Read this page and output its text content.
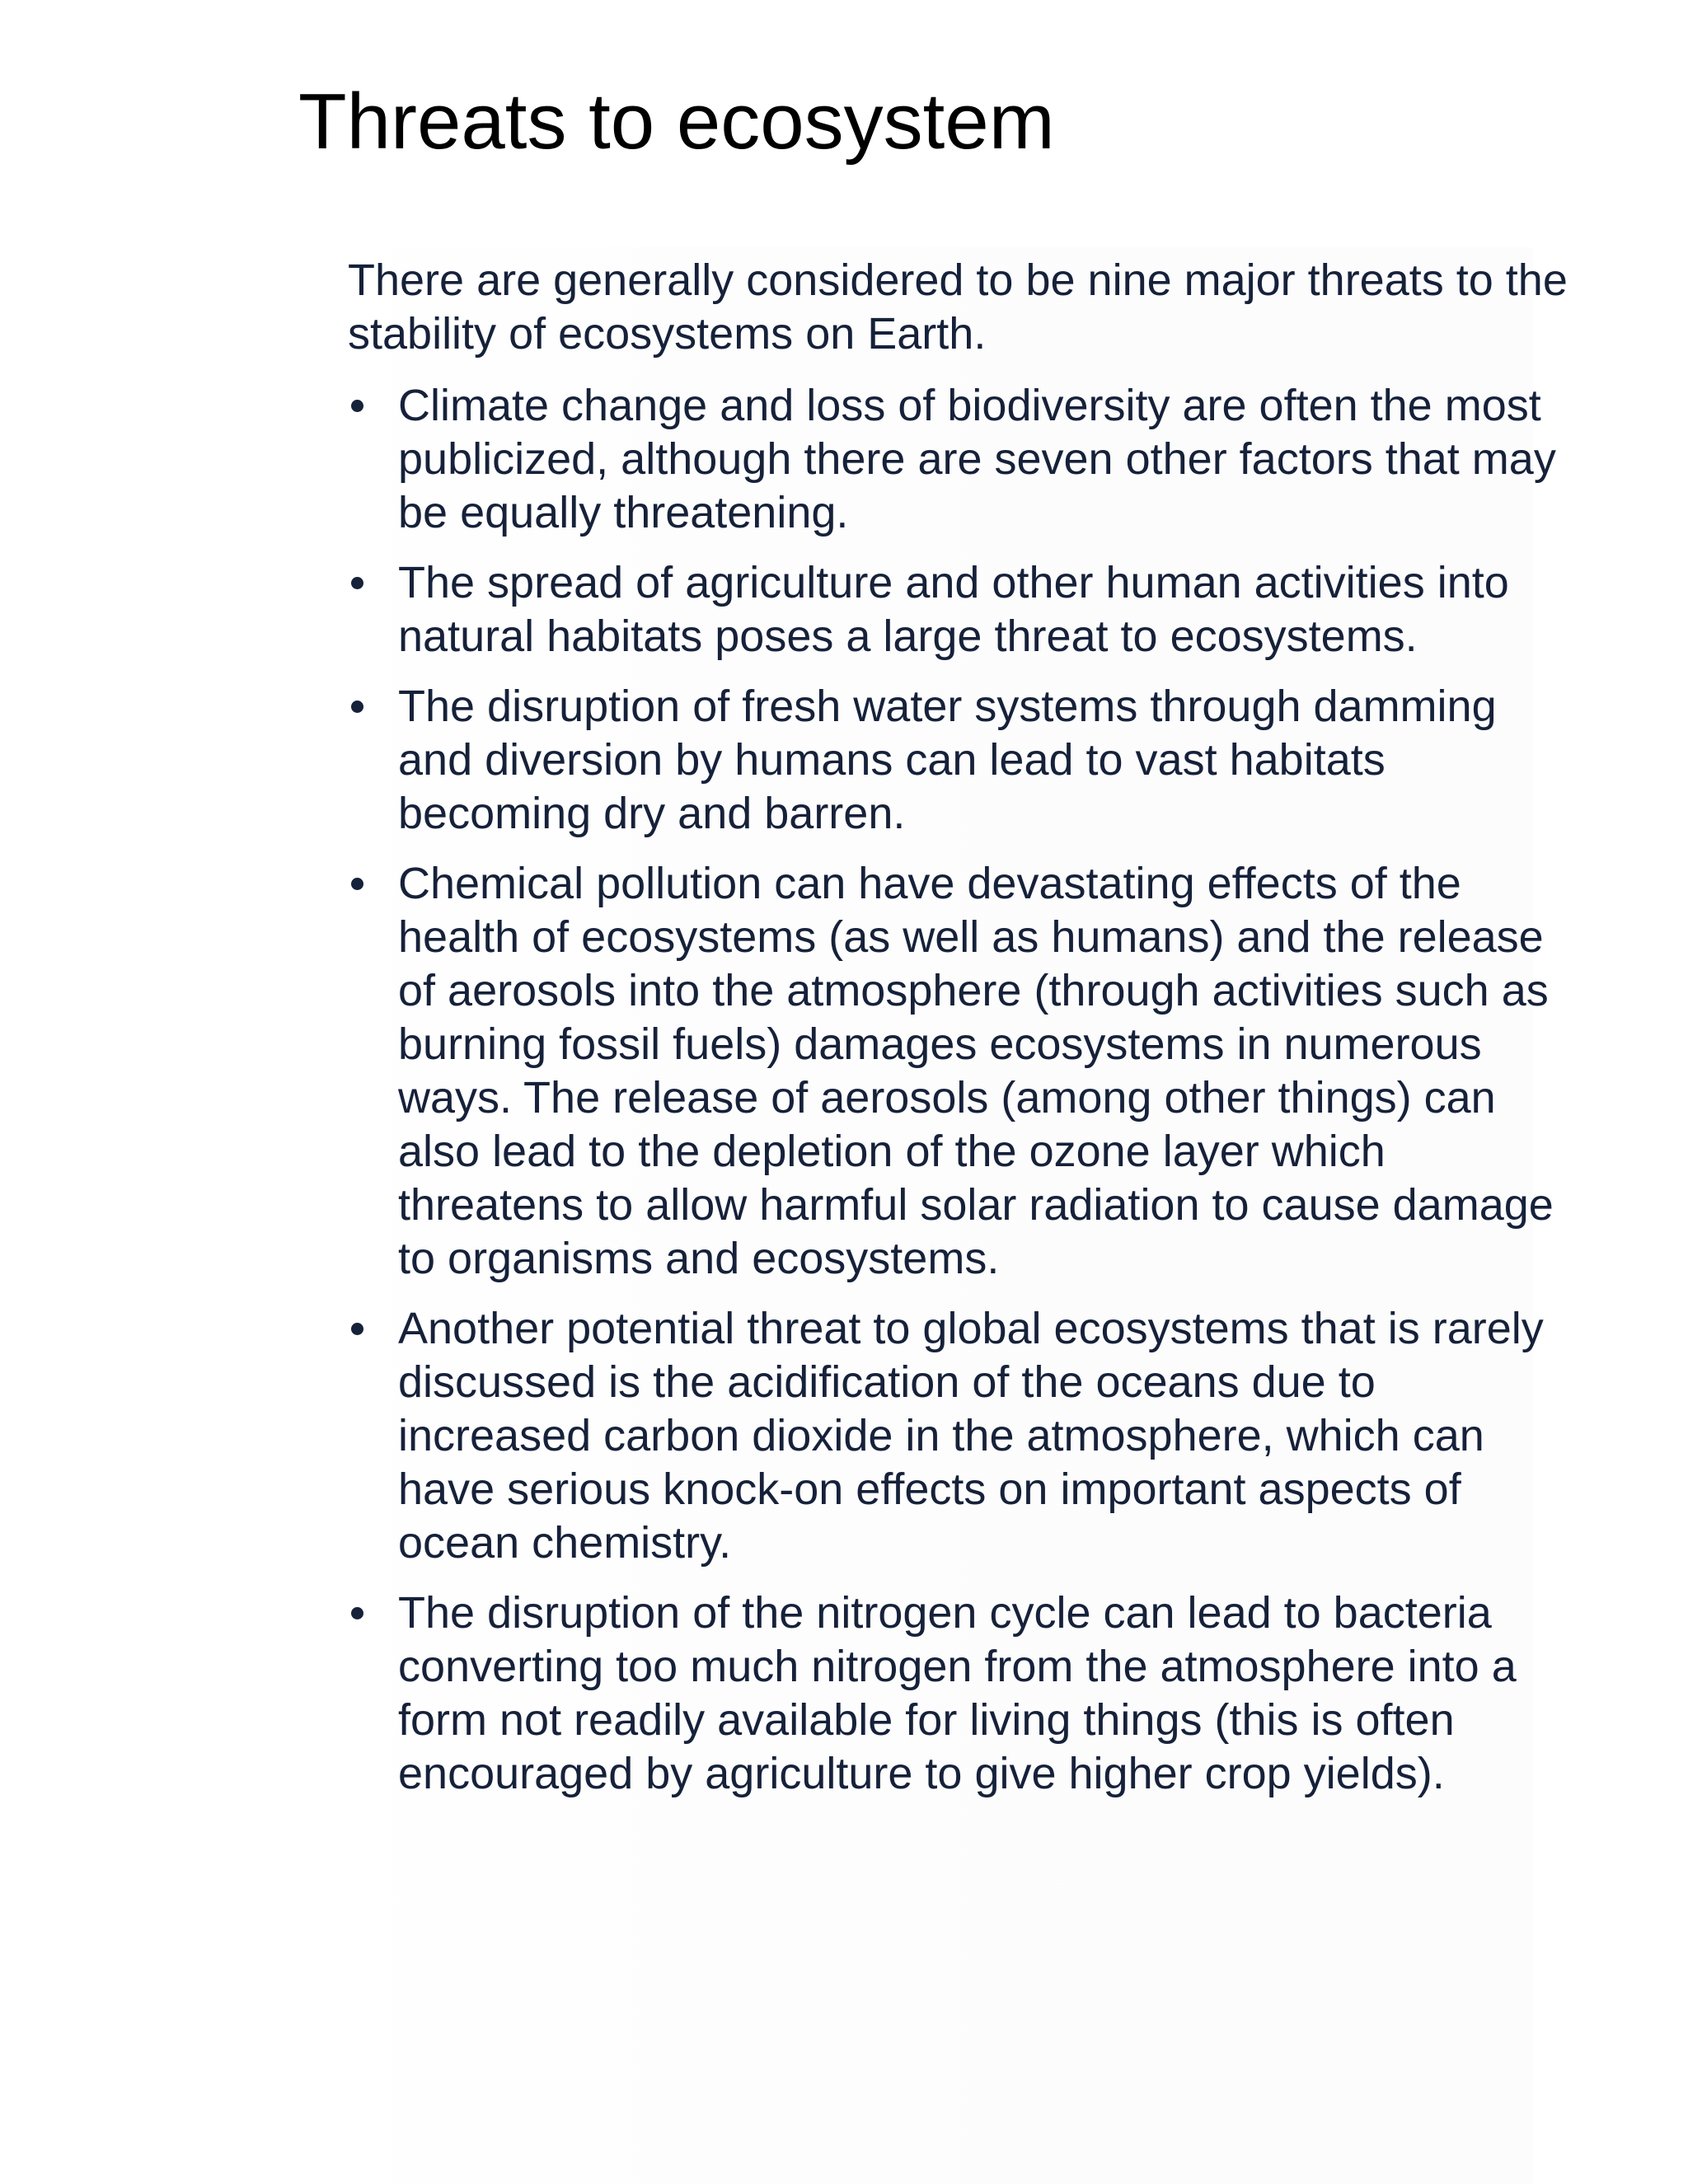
Threats to ecosystem

There are generally considered to be nine major threats to the stability of ecosystems on Earth.

Climate change and loss of biodiversity are often the most publicized, although there are seven other factors that may be equally threatening.
The spread of agriculture and other human activities into natural habitats poses a large threat to ecosystems.
The disruption of fresh water systems through damming and diversion by humans can lead to vast habitats becoming dry and barren.
Chemical pollution can have devastating effects of the health of ecosystems (as well as humans) and the release of aerosols into the atmosphere (through activities such as burning fossil fuels) damages ecosystems in numerous ways. The release of aerosols (among other things) can also lead to the depletion of the ozone layer which threatens to allow harmful solar radiation to cause damage to organisms and ecosystems.
Another potential threat to global ecosystems that is rarely discussed is the acidification of the oceans due to increased carbon dioxide in the atmosphere, which can have serious knock-on effects on important aspects of ocean chemistry.
The disruption of the nitrogen cycle can lead to bacteria converting too much nitrogen from the atmosphere into a form not readily available for living things (this is often encouraged by agriculture to give higher crop yields).
